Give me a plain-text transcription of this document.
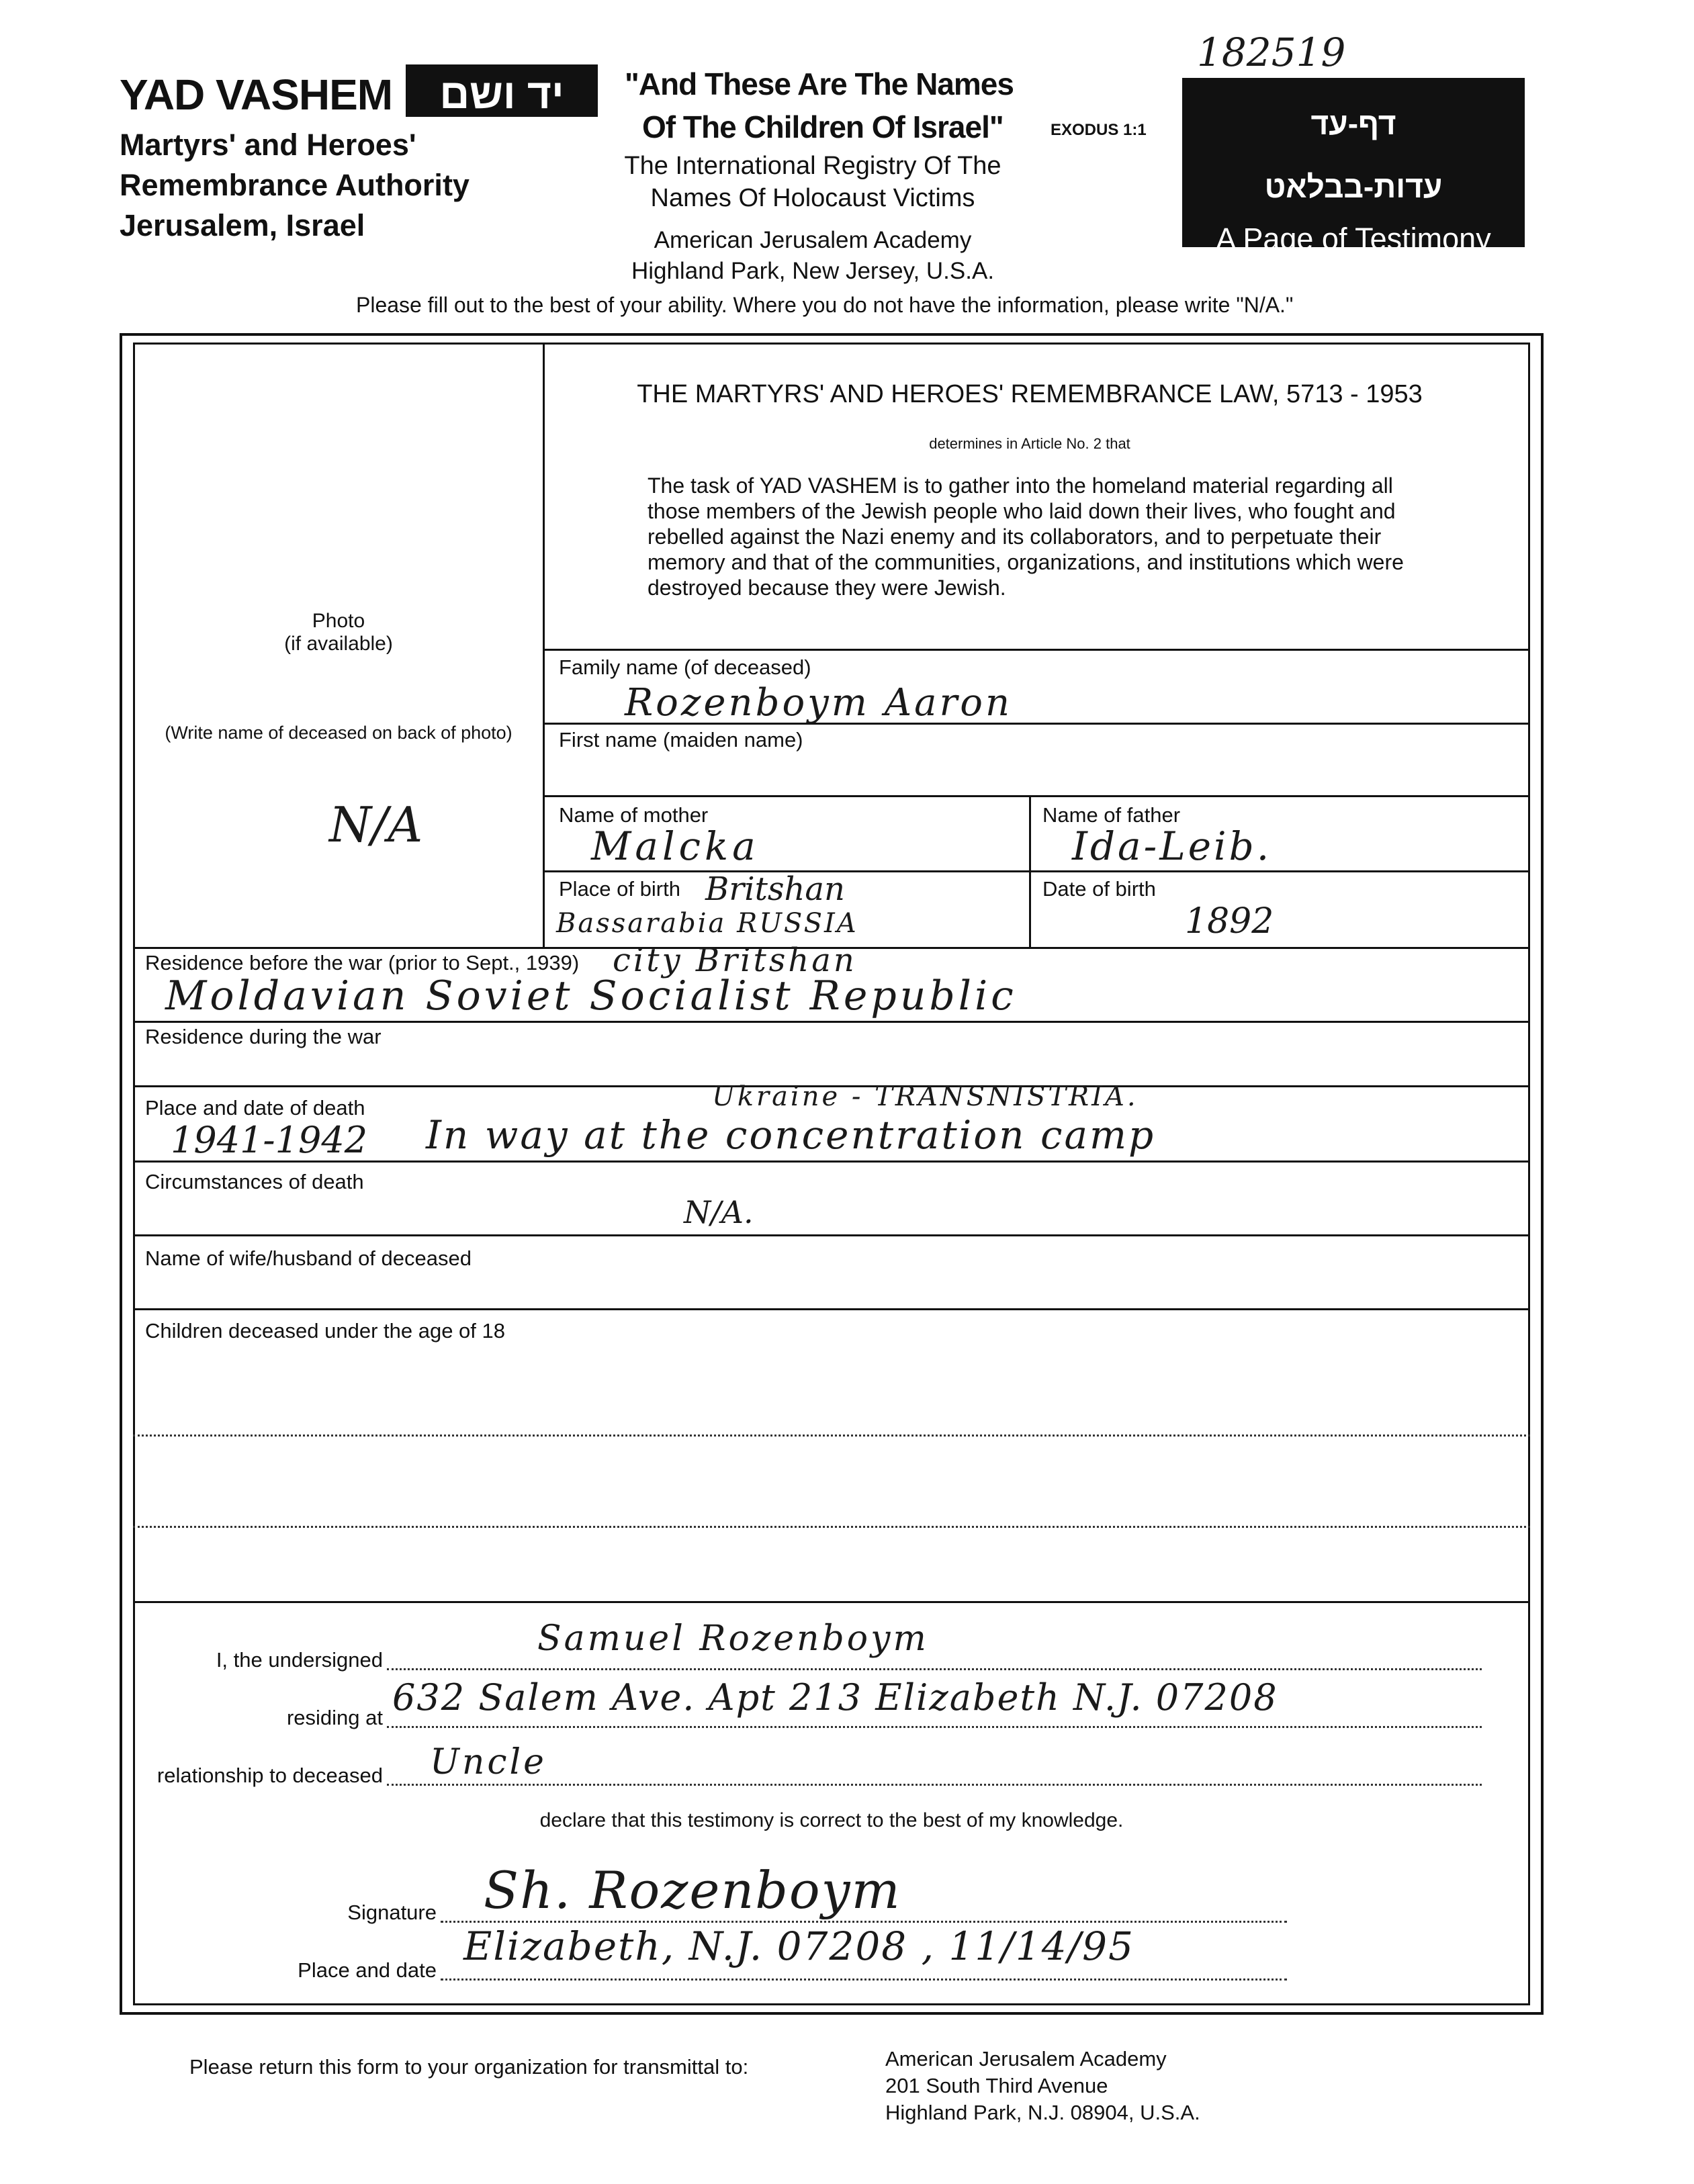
YAD VASHEM	יד ושם
Martyrs' and Heroes'
Remembrance Authority
Jerusalem, Israel
"And These Are The Names
Of The Children Of Israel"	EXODUS 1:1
The International Registry Of The
Names Of Holocaust Victims
American Jerusalem Academy
Highland Park, New Jersey, U.S.A.
182519
דף-עד
עדות-בבלאט
A Page of Testimony
Please fill out to the best of your ability. Where you do not have the information, please write "N/A."
THE MARTYRS' AND HEROES' REMEMBRANCE LAW, 5713 - 1953
determines in Article No. 2 that
The task of YAD VASHEM is to gather into the homeland material regarding all those members of the Jewish people who laid down their lives, who fought and rebelled against the Nazi enemy and its collaborators, and to perpetuate their memory and that of the communities, organizations, and institutions which were destroyed because they were Jewish.
Photo
(if available)
(Write name of deceased on back of photo)
N/A
Family name (of deceased)
Rozenboym Aaron
First name (maiden name)
Name of mother
Malcka
Name of father
Ida-Leib.
Place of birth Britshan
Bassarabia RUSSIA
Date of birth
1892
Residence before the war (prior to Sept., 1939) city Britshan
Moldavian Soviet Socialist Republic
Residence during the war
Place and date of death	Ukraine - TRANSNISTRIA.
1941-1942 In way at the concentration camp
Circumstances of death
N/A.
Name of wife/husband of deceased
Children deceased under the age of 18
I, the undersigned
Samuel Rozenboym
residing at 632 Salem Ave. Apt 213 Elizabeth N.J. 07208
relationship to deceased Uncle
declare that this testimony is correct to the best of my knowledge.
Signature Sh. Rozenboym
Place and date
Elizabeth, N.J. 07208 , 11/14/95
Please return this form to your organization for transmittal to:	American Jerusalem Academy
201 South Third Avenue
Highland Park, N.J. 08904, U.S.A.
